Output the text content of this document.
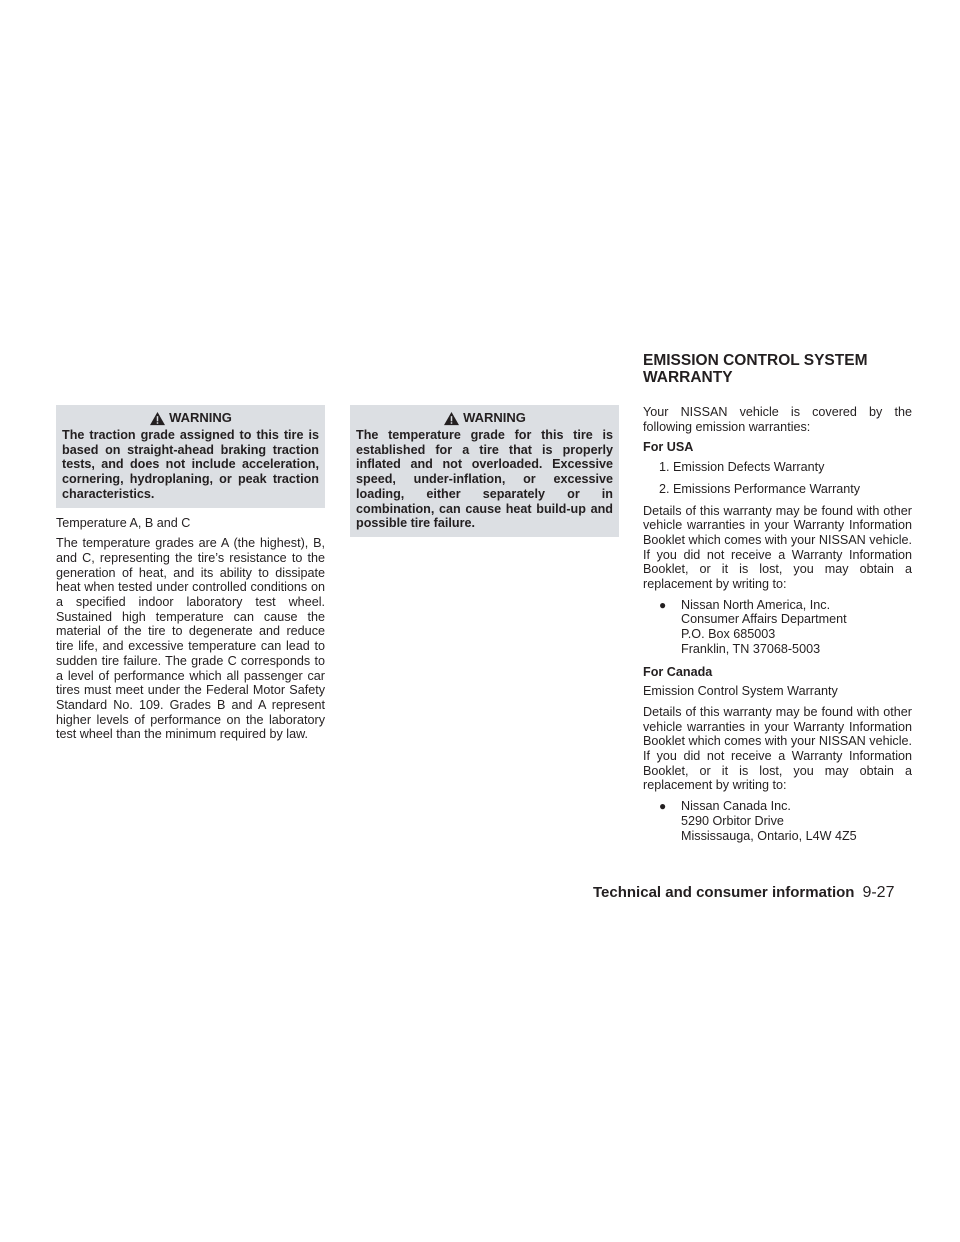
WARNING
The traction grade assigned to this tire is based on straight-ahead braking traction tests, and does not include acceleration, cornering, hydroplaning, or peak traction characteristics.

Temperature A, B and C

The temperature grades are A (the highest), B, and C, representing the tire’s resistance to the generation of heat, and its ability to dissipate heat when tested under controlled conditions on a specified indoor laboratory test wheel. Sustained high temperature can cause the material of the tire to degenerate and reduce tire life, and excessive temperature can lead to sudden tire failure. The grade C corresponds to a level of performance which all passenger car tires must meet under the Federal Motor Safety Standard No. 109. Grades B and A represent higher levels of performance on the laboratory test wheel than the minimum required by law.

WARNING
The temperature grade for this tire is established for a tire that is properly inflated and not overloaded. Excessive speed, under-inflation, or excessive loading, either separately or in combination, can cause heat build-up and possible tire failure.
EMISSION CONTROL SYSTEM
WARRANTY

Your NISSAN vehicle is covered by the following emission warranties:

For USA
1. Emission Defects Warranty
2. Emissions Performance Warranty

Details of this warranty may be found with other vehicle warranties in your Warranty Information Booklet which comes with your NISSAN vehicle. If you did not receive a Warranty Information Booklet, or it is lost, you may obtain a replacement by writing to:

●	Nissan North America, Inc.
Consumer Affairs Department
P.O. Box 685003
Franklin, TN 37068-5003
For Canada

Emission Control System Warranty

Details of this warranty may be found with other vehicle warranties in your Warranty Information Booklet which comes with your NISSAN vehicle. If you did not receive a Warranty Information Booklet, or it is lost, you may obtain a replacement by writing to:

●	Nissan Canada Inc.
5290 Orbitor Drive
Mississauga, Ontario, L4W 4Z5
Technical and consumer information 9-27
